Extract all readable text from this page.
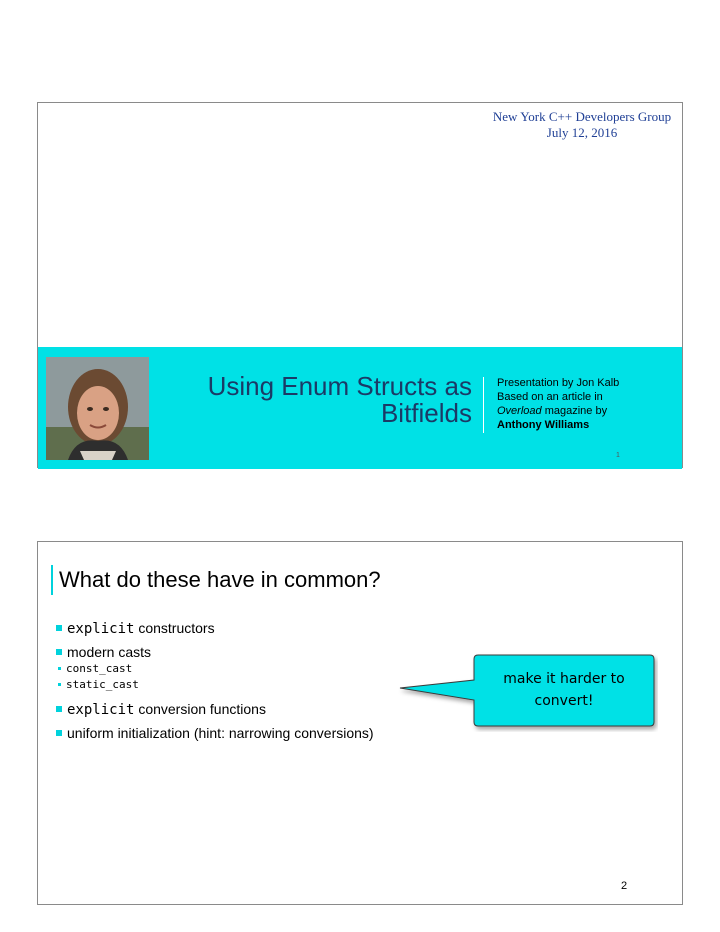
New York C++ Developers Group
July 12, 2016
Using Enum Structs as
Bitfields
Presentation by Jon Kalb
Based on an article in
Overload magazine by
Anthony Williams
1
What do these have in common?
explicit constructors
modern casts
const_cast
static_cast
explicit conversion functions
uniform initialization (hint: narrowing conversions)
make it harder to
convert!
2
